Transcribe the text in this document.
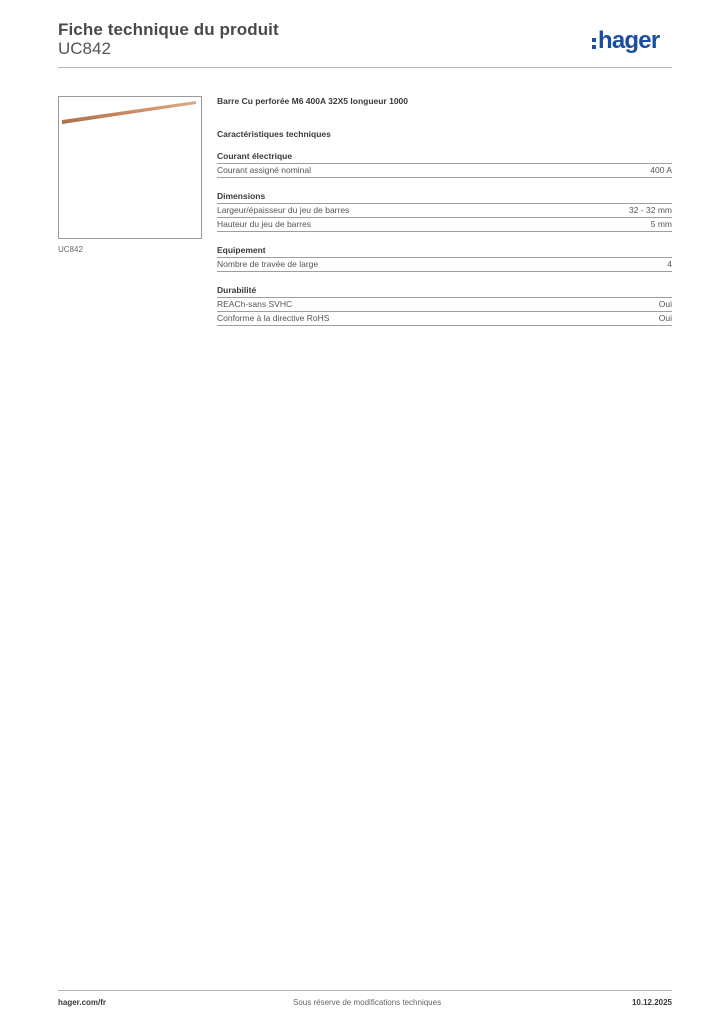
Fiche technique du produit
UC842	hager
UC842
Barre Cu perforée M6 400A 32X5 longueur 1000
Caractéristiques techniques
Courant électrique
Courant assigné nominal	400 A
Dimensions
Largeur/épaisseur du jeu de barres	32 - 32 mm
Hauteur du jeu de barres	5 mm
Equipement
Nombre de travée de large	4
Durabilité
REACh-sans SVHC	Oui
Conforme à la directive RoHS	Oui
hager.com/fr	Sous réserve de modifications techniques	10.12.2025
